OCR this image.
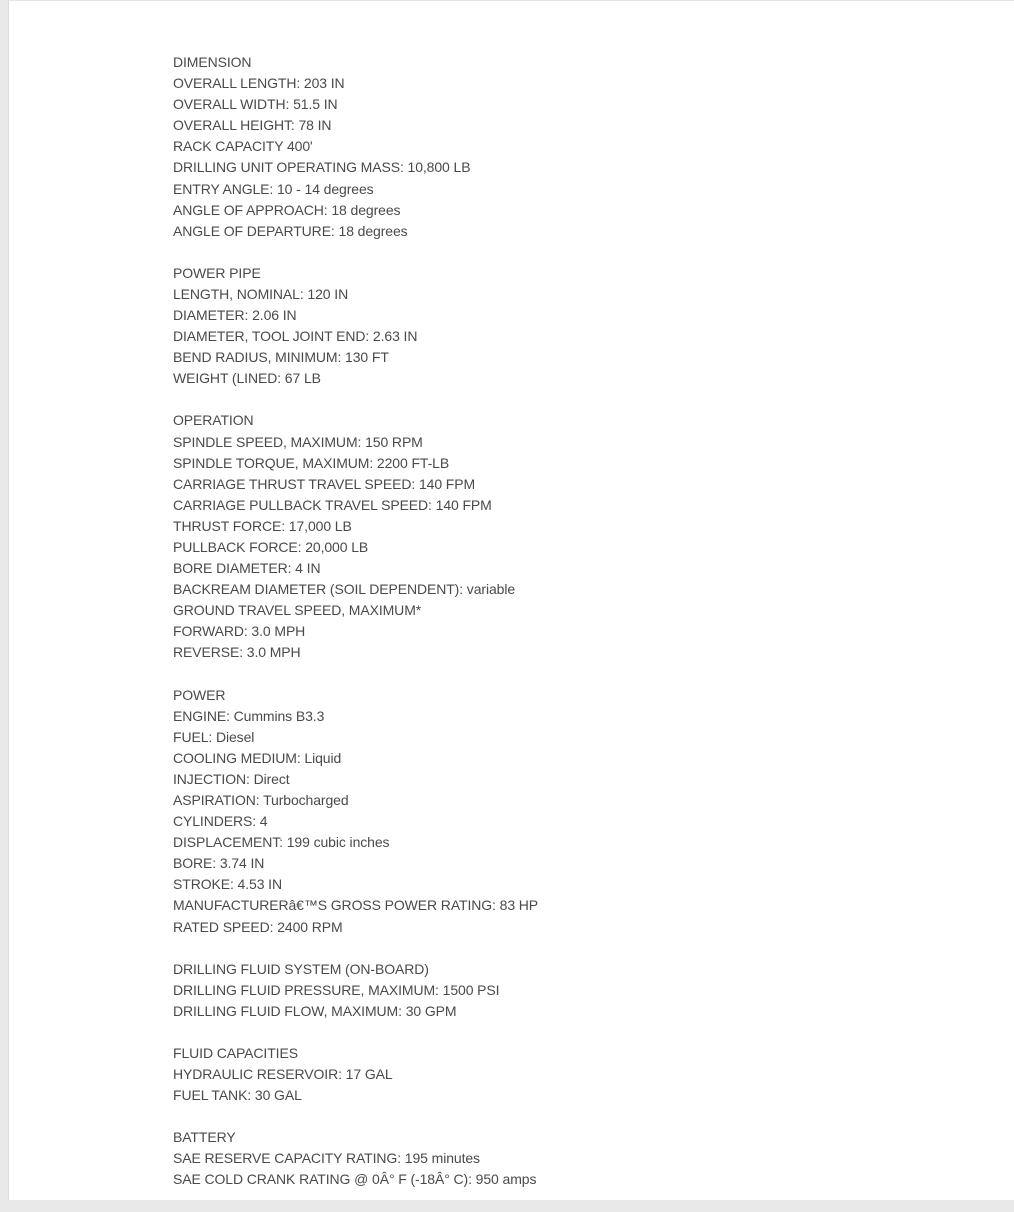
DIMENSION
OVERALL LENGTH: 203 IN
OVERALL WIDTH: 51.5 IN
OVERALL HEIGHT: 78 IN
RACK CAPACITY 400'
DRILLING UNIT OPERATING MASS: 10,800 LB
ENTRY ANGLE: 10 - 14 degrees
ANGLE OF APPROACH: 18 degrees
ANGLE OF DEPARTURE: 18 degrees
POWER PIPE
LENGTH, NOMINAL: 120 IN
DIAMETER: 2.06 IN
DIAMETER, TOOL JOINT END: 2.63 IN
BEND RADIUS, MINIMUM: 130 FT
WEIGHT (LINED: 67 LB
OPERATION
SPINDLE SPEED, MAXIMUM: 150 RPM
SPINDLE TORQUE, MAXIMUM: 2200 FT-LB
CARRIAGE THRUST TRAVEL SPEED: 140 FPM
CARRIAGE PULLBACK TRAVEL SPEED: 140 FPM
THRUST FORCE: 17,000 LB
PULLBACK FORCE: 20,000 LB
BORE DIAMETER: 4 IN
BACKREAM DIAMETER (SOIL DEPENDENT): variable
GROUND TRAVEL SPEED, MAXIMUM*
FORWARD: 3.0 MPH
REVERSE: 3.0 MPH
POWER
ENGINE: Cummins B3.3
FUEL: Diesel
COOLING MEDIUM: Liquid
INJECTION: Direct
ASPIRATION: Turbocharged
CYLINDERS: 4
DISPLACEMENT: 199 cubic inches
BORE: 3.74 IN
STROKE: 4.53 IN
MANUFACTURERâ€™S GROSS POWER RATING: 83 HP
RATED SPEED: 2400 RPM
DRILLING FLUID SYSTEM (ON-BOARD)
DRILLING FLUID PRESSURE, MAXIMUM: 1500 PSI
DRILLING FLUID FLOW, MAXIMUM: 30 GPM
FLUID CAPACITIES
HYDRAULIC RESERVOIR: 17 GAL
FUEL TANK: 30 GAL
BATTERY
SAE RESERVE CAPACITY RATING: 195 minutes
SAE COLD CRANK RATING @ 0Â° F (-18Â° C): 950 amps
